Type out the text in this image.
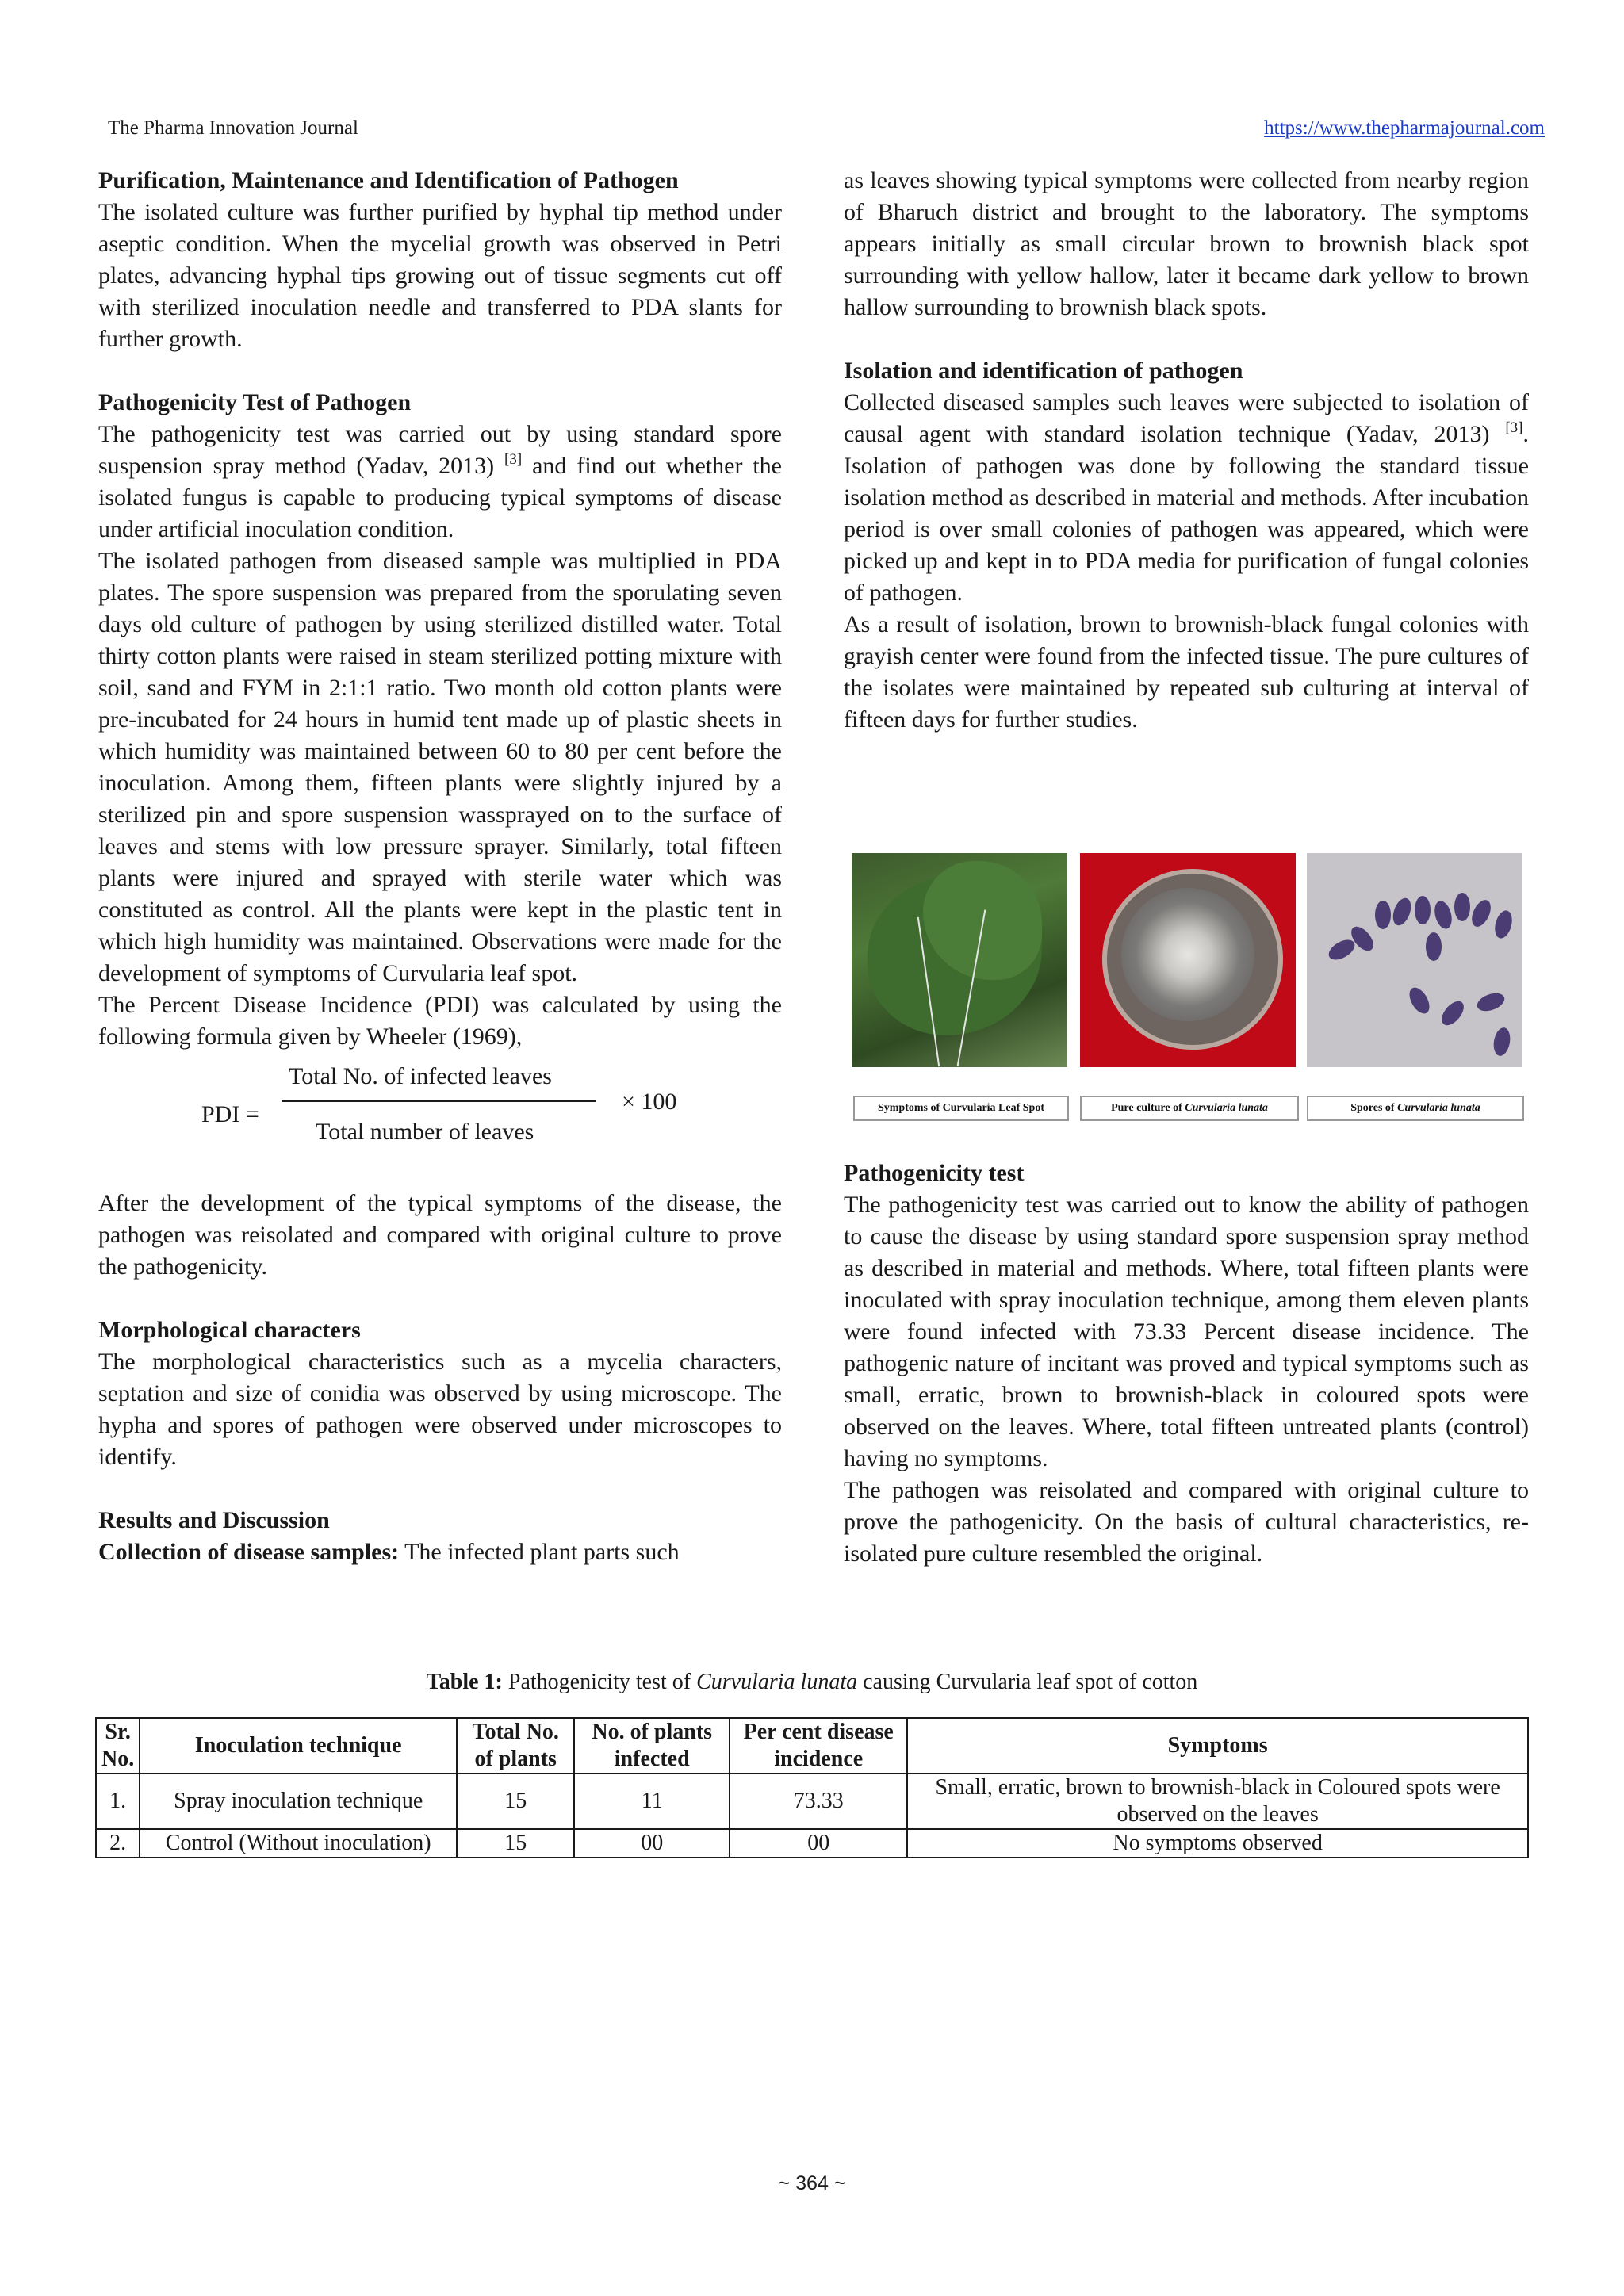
The Pharma Innovation Journal	https://www.thepharmajournal.com

Purification, Maintenance and Identification of Pathogen

The isolated culture was further purified by hyphal tip method under aseptic condition. When the mycelial growth was observed in Petri plates, advancing hyphal tips growing out of tissue segments cut off with sterilized inoculation needle and transferred to PDA slants for further growth.

Pathogenicity Test of Pathogen

The pathogenicity test was carried out by using standard spore suspension spray method (Yadav, 2013) [3] and find out whether the isolated fungus is capable to producing typical symptoms of disease under artificial inoculation condition.

The isolated pathogen from diseased sample was multiplied in PDA plates. The spore suspension was prepared from the sporulating seven days old culture of pathogen by using sterilized distilled water. Total thirty cotton plants were raised in steam sterilized potting mixture with soil, sand and FYM in 2:1:1 ratio. Two month old cotton plants were pre-incubated for 24 hours in humid tent made up of plastic sheets in which humidity was maintained between 60 to 80 per cent before the inoculation. Among them, fifteen plants were slightly injured by a sterilized pin and spore suspension wassprayed on to the surface of leaves and stems with low pressure sprayer. Similarly, total fifteen plants were injured and sprayed with sterile water which was constituted as control. All the plants were kept in the plastic tent in which high humidity was maintained. Observations were made for the development of symptoms of Curvularia leaf spot.

The Percent Disease Incidence (PDI) was calculated by using the following formula given by Wheeler (1969),

PDI =
Total No. of infected leaves
Total number of leaves
× 100

After the development of the typical symptoms of the disease, the pathogen was reisolated and compared with original culture to prove the pathogenicity.

Morphological characters

The morphological characteristics such as a mycelia characters, septation and size of conidia was observed by using microscope. The hypha and spores of pathogen were observed under microscopes to identify.

Results and Discussion

Collection of disease samples: The infected plant parts such

as leaves showing typical symptoms were collected from nearby region of Bharuch district and brought to the laboratory. The symptoms appears initially as small circular brown to brownish black spot surrounding with yellow hallow, later it became dark yellow to brown hallow surrounding to brownish black spots.

Isolation and identification of pathogen

Collected diseased samples such leaves were subjected to isolation of causal agent with standard isolation technique (Yadav, 2013) [3]. Isolation of pathogen was done by following the standard tissue isolation method as described in material and methods. After incubation period is over small colonies of pathogen was appeared, which were picked up and kept in to PDA media for purification of fungal colonies of pathogen.

As a result of isolation, brown to brownish-black fungal colonies with grayish center were found from the infected tissue. The pure cultures of the isolates were maintained by repeated sub culturing at interval of fifteen days for further studies.

Symptoms of Curvularia Leaf Spot	Pure culture of Curvularia lunata	Spores of Curvularia lunata

Pathogenicity test

The pathogenicity test was carried out to know the ability of pathogen to cause the disease by using standard spore suspension spray method as described in material and methods. Where, total fifteen plants were inoculated with spray inoculation technique, among them eleven plants were found infected with 73.33 Percent disease incidence. The pathogenic nature of incitant was proved and typical symptoms such as small, erratic, brown to brownish-black in coloured spots were observed on the leaves. Where, total fifteen untreated plants (control) having no symptoms.

The pathogen was reisolated and compared with original culture to prove the pathogenicity. On the basis of cultural characteristics, re-isolated pure culture resembled the original.

Table 1: Pathogenicity test of Curvularia lunata causing Curvularia leaf spot of cotton
Sr. No.	Inoculation technique	Total No. of plants	No. of plants infected	Per cent disease incidence	Symptoms
1.	Spray inoculation technique	15	11	73.33	Small, erratic, brown to brownish-black in Coloured spots were observed on the leaves
2.	Control (Without inoculation)	15	00	00	No symptoms observed
~ 364 ~
